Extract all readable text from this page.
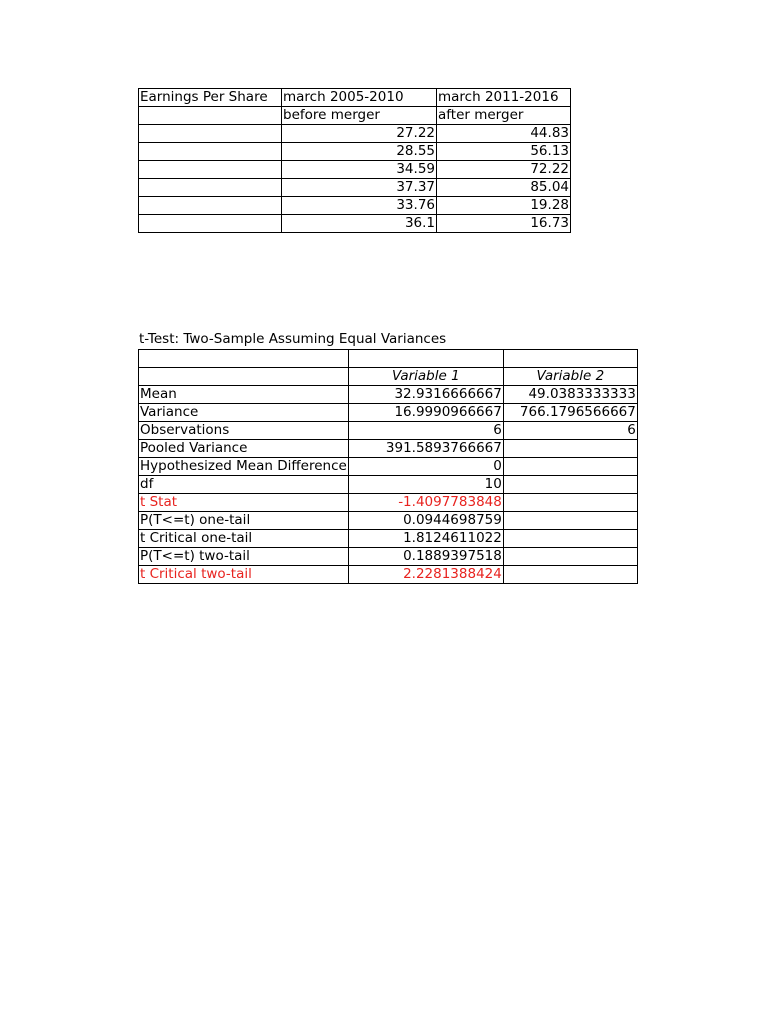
Earnings Per Share	march 2005-2010	march 2011-2016
	before merger	after merger
	27.22	44.83
	28.55	56.13
	34.59	72.22
	37.37	85.04
	33.76	19.28
	36.1	16.73
t-Test: Two-Sample Assuming Equal Variances

	Variable 1	Variable 2
Mean	32.9316666667	49.0383333333
Variance	16.9990966667	766.1796566667
Observations	6	6
Pooled Variance	391.5893766667	
Hypothesized Mean Difference	0	
df	10	
t Stat	-1.4097783848	
P(T<=t) one-tail	0.0944698759	
t Critical one-tail	1.8124611022	
P(T<=t) two-tail	0.1889397518	
t Critical two-tail	2.2281388424	
